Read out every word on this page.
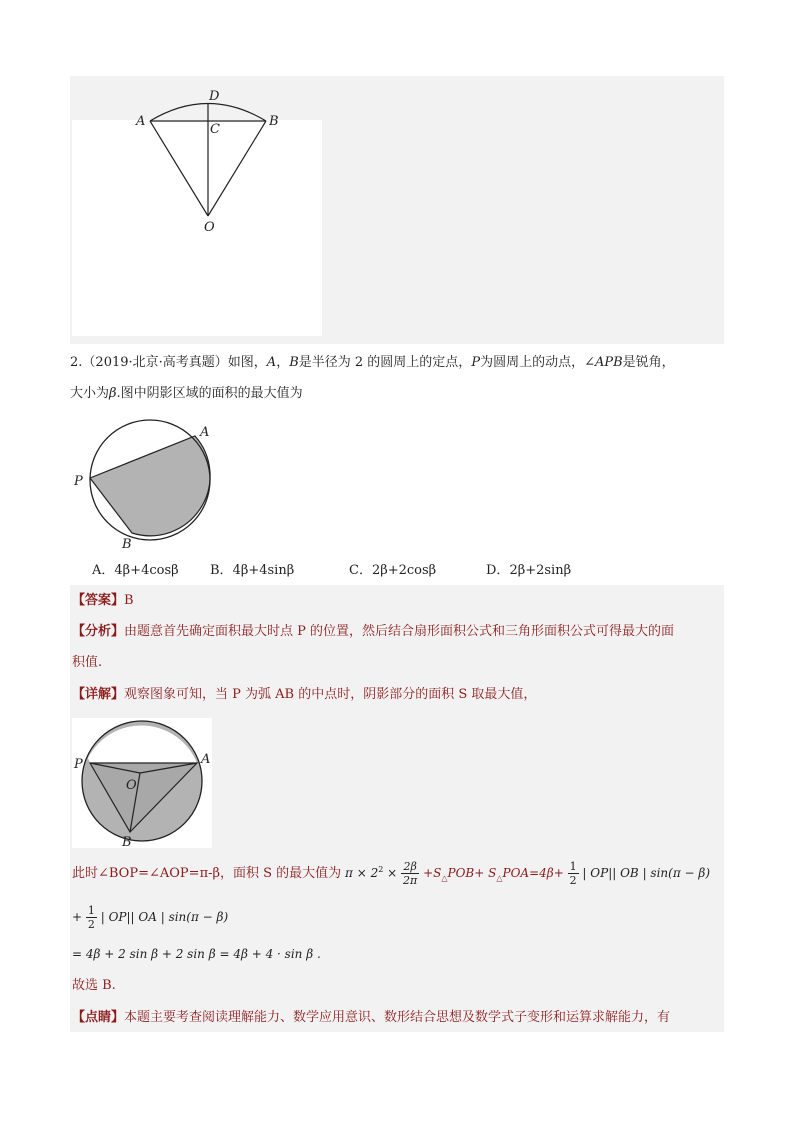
D
A
C
B
O
2.（2019·北京·高考真题）如图，A，B是半径为 2 的圆周上的定点，P为圆周上的动点，∠APB是锐角，
大小为β.图中阴影区域的面积的最大值为
A
P
B
A．4β+4cosβ B．4β+4sinβ	C．2β+2cosβ	D．2β+2sinβ
【答案】B
【分析】由题意首先确定面积最大时点 P 的位置，然后结合扇形面积公式和三角形面积公式可得最大的面
积值.
【详解】观察图象可知，当 P 为弧 AB 的中点时，阴影部分的面积 S 取最大值，
P	A
O
B
此时∠BOP=∠AOP=π-β，面积 S 的最大值为 $\pi \times 2^2 \times \frac{2\beta}{2\pi} +S_\triangle POB+ S_\triangle POA=4\beta+ \frac{1}{2}$ | OP|| OB | sin(π − β)
+ $\frac{1}{2}$ | OP|| OA | sin(π − β)
= 4β + 2 sin β + 2 sin β = 4β + 4 · sin β .
故选 B.
【点睛】本题主要考查阅读理解能力、数学应用意识、数形结合思想及数学式子变形和运算求解能力，有
